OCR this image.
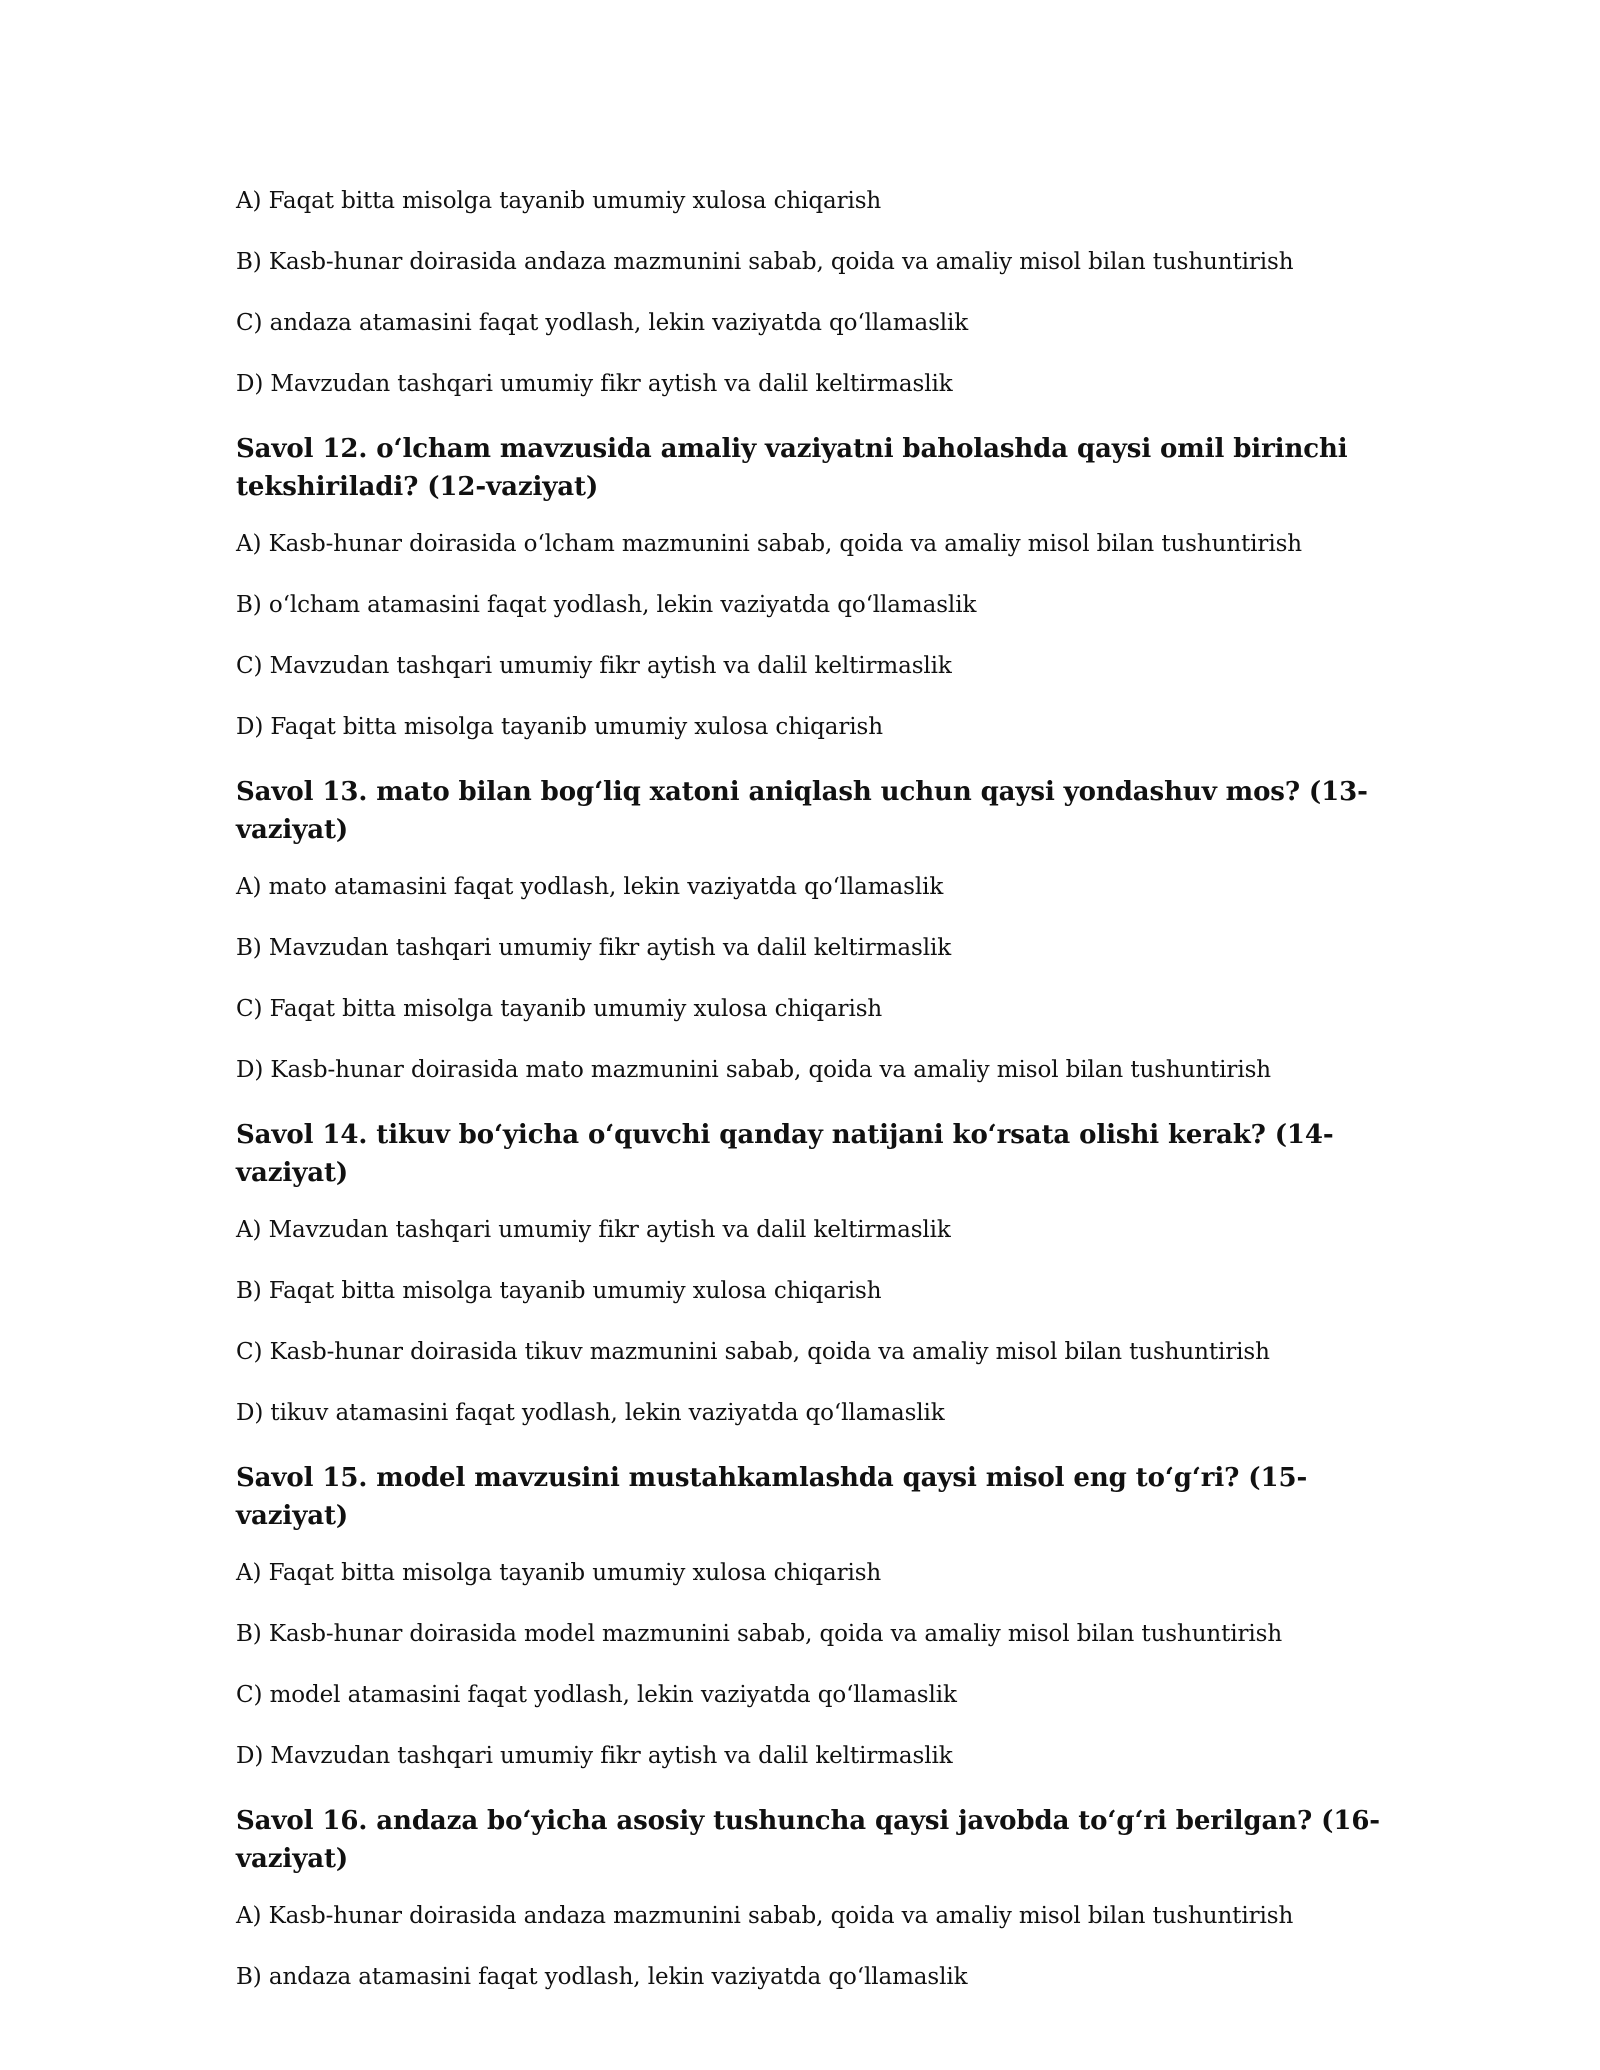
A) Faqat bitta misolga tayanib umumiy xulosa chiqarish

B) Kasb-hunar doirasida andaza mazmunini sabab, qoida va amaliy misol bilan tushuntirish

C) andaza atamasini faqat yodlash, lekin vaziyatda qo‘llamaslik

D) Mavzudan tashqari umumiy fikr aytish va dalil keltirmaslik

Savol 12. o‘lcham mavzusida amaliy vaziyatni baholashda qaysi omil birinchi tekshiriladi? (12-vaziyat)

A) Kasb-hunar doirasida o‘lcham mazmunini sabab, qoida va amaliy misol bilan tushuntirish

B) o‘lcham atamasini faqat yodlash, lekin vaziyatda qo‘llamaslik

C) Mavzudan tashqari umumiy fikr aytish va dalil keltirmaslik

D) Faqat bitta misolga tayanib umumiy xulosa chiqarish

Savol 13. mato bilan bog‘liq xatoni aniqlash uchun qaysi yondashuv mos? (13-vaziyat)

A) mato atamasini faqat yodlash, lekin vaziyatda qo‘llamaslik

B) Mavzudan tashqari umumiy fikr aytish va dalil keltirmaslik

C) Faqat bitta misolga tayanib umumiy xulosa chiqarish

D) Kasb-hunar doirasida mato mazmunini sabab, qoida va amaliy misol bilan tushuntirish

Savol 14. tikuv bo‘yicha o‘quvchi qanday natijani ko‘rsata olishi kerak? (14-vaziyat)

A) Mavzudan tashqari umumiy fikr aytish va dalil keltirmaslik

B) Faqat bitta misolga tayanib umumiy xulosa chiqarish

C) Kasb-hunar doirasida tikuv mazmunini sabab, qoida va amaliy misol bilan tushuntirish

D) tikuv atamasini faqat yodlash, lekin vaziyatda qo‘llamaslik

Savol 15. model mavzusini mustahkamlashda qaysi misol eng to‘g‘ri? (15-vaziyat)

A) Faqat bitta misolga tayanib umumiy xulosa chiqarish

B) Kasb-hunar doirasida model mazmunini sabab, qoida va amaliy misol bilan tushuntirish

C) model atamasini faqat yodlash, lekin vaziyatda qo‘llamaslik

D) Mavzudan tashqari umumiy fikr aytish va dalil keltirmaslik

Savol 16. andaza bo‘yicha asosiy tushuncha qaysi javobda to‘g‘ri berilgan? (16-vaziyat)

A) Kasb-hunar doirasida andaza mazmunini sabab, qoida va amaliy misol bilan tushuntirish

B) andaza atamasini faqat yodlash, lekin vaziyatda qo‘llamaslik
